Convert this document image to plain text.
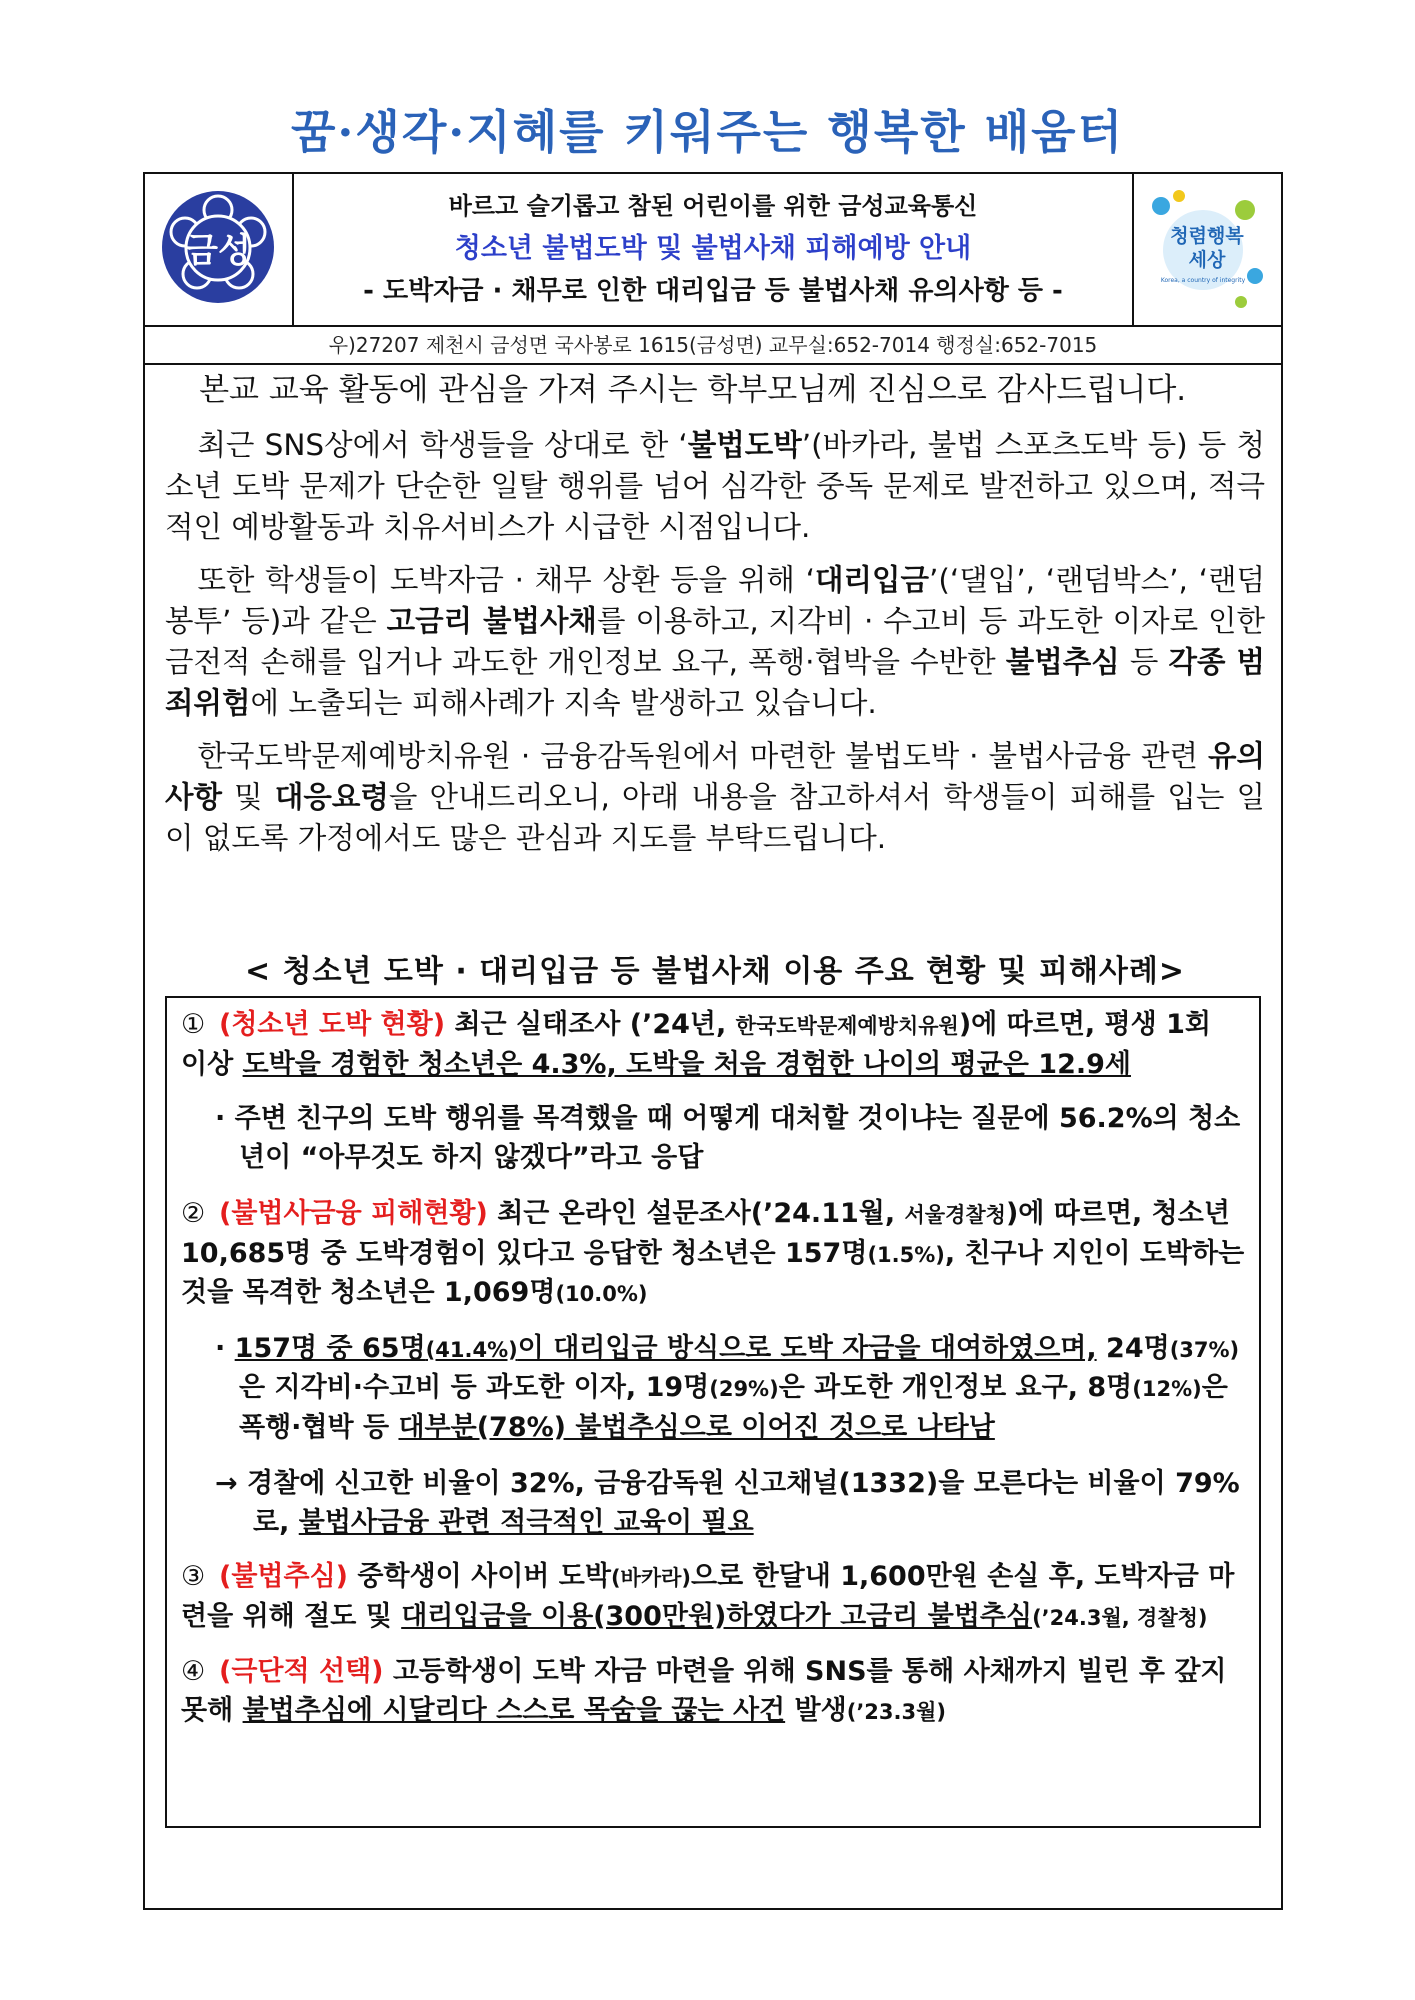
꿈·생각·지혜를 키워주는 행복한 배움터
금성
바르고 슬기롭고 참된 어린이를 위한 금성교육통신
청소년 불법도박 및 불법사채 피해예방 안내
- 도박자금 · 채무로 인한 대리입금 등 불법사채 유의사항 등 -
청렴행복
세상
Korea, a country of integrity
우)27207 제천시 금성면 국사봉로 1615(금성면) 교무실:652-7014 행정실:652-7015

본교 교육 활동에 관심을 가져 주시는 학부모님께 진심으로 감사드립니다.

최근 SNS상에서 학생들을 상대로 한 ‘불법도박’(바카라, 불법 스포츠도박 등) 등 청소년 도박 문제가 단순한 일탈 행위를 넘어 심각한 중독 문제로 발전하고 있으며, 적극적인 예방활동과 치유서비스가 시급한 시점입니다.

또한 학생들이 도박자금 · 채무 상환 등을 위해 ‘대리입금’(‘댈입’, ‘랜덤박스’, ‘랜덤봉투’ 등)과 같은 고금리 불법사채를 이용하고, 지각비 · 수고비 등 과도한 이자로 인한 금전적 손해를 입거나 과도한 개인정보 요구, 폭행·협박을 수반한 불법추심 등 각종 범죄위험에 노출되는 피해사례가 지속 발생하고 있습니다.

한국도박문제예방치유원 · 금융감독원에서 마련한 불법도박 · 불법사금융 관련 유의사항 및 대응요령을 안내드리오니, 아래 내용을 참고하셔서 학생들이 피해를 입는 일이 없도록 가정에서도 많은 관심과 지도를 부탁드립니다.

< 청소년 도박 · 대리입금 등 불법사채 이용 주요 현황 및 피해사례>

① (청소년 도박 현황) 최근 실태조사 (’24년, 한국도박문제예방치유원)에 따르면, 평생 1회 이상 도박을 경험한 청소년은 4.3%, 도박을 처음 경험한 나이의 평균은 12.9세

· 주변 친구의 도박 행위를 목격했을 때 어떻게 대처할 것이냐는 질문에 56.2%의 청소년이 “아무것도 하지 않겠다”라고 응답

② (불법사금융 피해현황) 최근 온라인 설문조사(’24.11월, 서울경찰청)에 따르면, 청소년 10,685명 중 도박경험이 있다고 응답한 청소년은 157명(1.5%), 친구나 지인이 도박하는 것을 목격한 청소년은 1,069명(10.0%)

· 157명 중 65명(41.4%)이 대리입금 방식으로 도박 자금을 대여하였으며, 24명(37%)은 지각비·수고비 등 과도한 이자, 19명(29%)은 과도한 개인정보 요구, 8명(12%)은 폭행·협박 등 대부분(78%) 불법추심으로 이어진 것으로 나타남

→ 경찰에 신고한 비율이 32%, 금융감독원 신고채널(1332)을 모른다는 비율이 79%로, 불법사금융 관련 적극적인 교육이 필요

③ (불법추심) 중학생이 사이버 도박(바카라)으로 한달내 1,600만원 손실 후, 도박자금 마련을 위해 절도 및 대리입금을 이용(300만원)하였다가 고금리 불법추심(’24.3월, 경찰청)

④ (극단적 선택) 고등학생이 도박 자금 마련을 위해 SNS를 통해 사채까지 빌린 후 갚지 못해 불법추심에 시달리다 스스로 목숨을 끊는 사건 발생(’23.3월)
